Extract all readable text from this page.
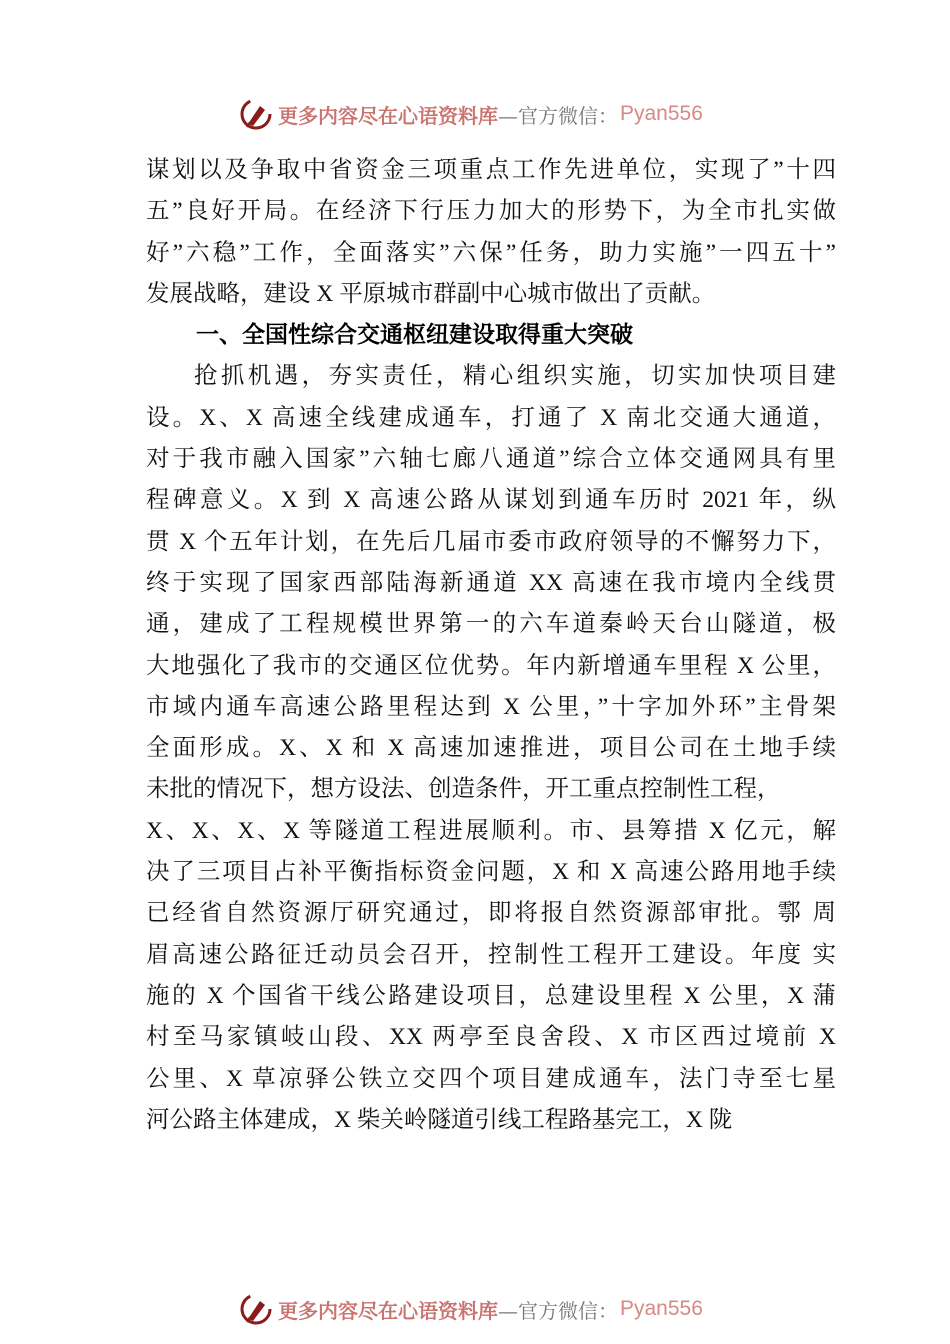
更多内容尽在心语资料库 —官方微信： Pyan556
谋划以及争取中省资金三项重点工作先进单位，实现了”十四
五”良好开局。在经济下行压力加大的形势下，为全市扎实做
好”六稳”工作，全面落实”六保”任务，助力实施”一四五十”
发展战略，建设 X 平原城市群副中心城市做出了贡献。
一、全国性综合交通枢纽建设取得重大突破
抢抓机遇，夯实责任，精心组织实施，切实加快项目建
设。X、X 高速全线建成通车，打通了 X 南北交通大通道，
对于我市融入国家”六轴七廊八通道”综合立体交通网具有里
程碑意义。X 到 X 高速公路从谋划到通车历时 2021 年，纵
贯 X 个五年计划，在先后几届市委市政府领导的不懈努力下，
终于实现了国家西部陆海新通道 XX 高速在我市境内全线贯
通，建成了工程规模世界第一的六车道秦岭天台山隧道，极
大地强化了我市的交通区位优势。年内新增通车里程 X 公里，
市域内通车高速公路里程达到 X 公里，”十字加外环”主骨架
全面形成。X、X 和 X 高速加速推进，项目公司在土地手续
未批的情况下，想方设法、创造条件，开工重点控制性工程，
X、X、X、X 等隧道工程进展顺利。市、县筹措 X 亿元，解
决了三项目占补平衡指标资金问题，X 和 X 高速公路用地手续
已经省自然资源厅研究通过，即将报自然资源部审批。鄠 周
眉高速公路征迁动员会召开，控制性工程开工建设。年度 实
施的 X 个国省干线公路建设项目，总建设里程 X 公里，X 蒲
村至马家镇岐山段、XX 两亭至良舍段、X 市区西过境前 X
公里、X 草凉驿公铁立交四个项目建成通车，法门寺至七星
河公路主体建成，X 柴关岭隧道引线工程路基完工，X 陇
更多内容尽在心语资料库 —官方微信： Pyan556
